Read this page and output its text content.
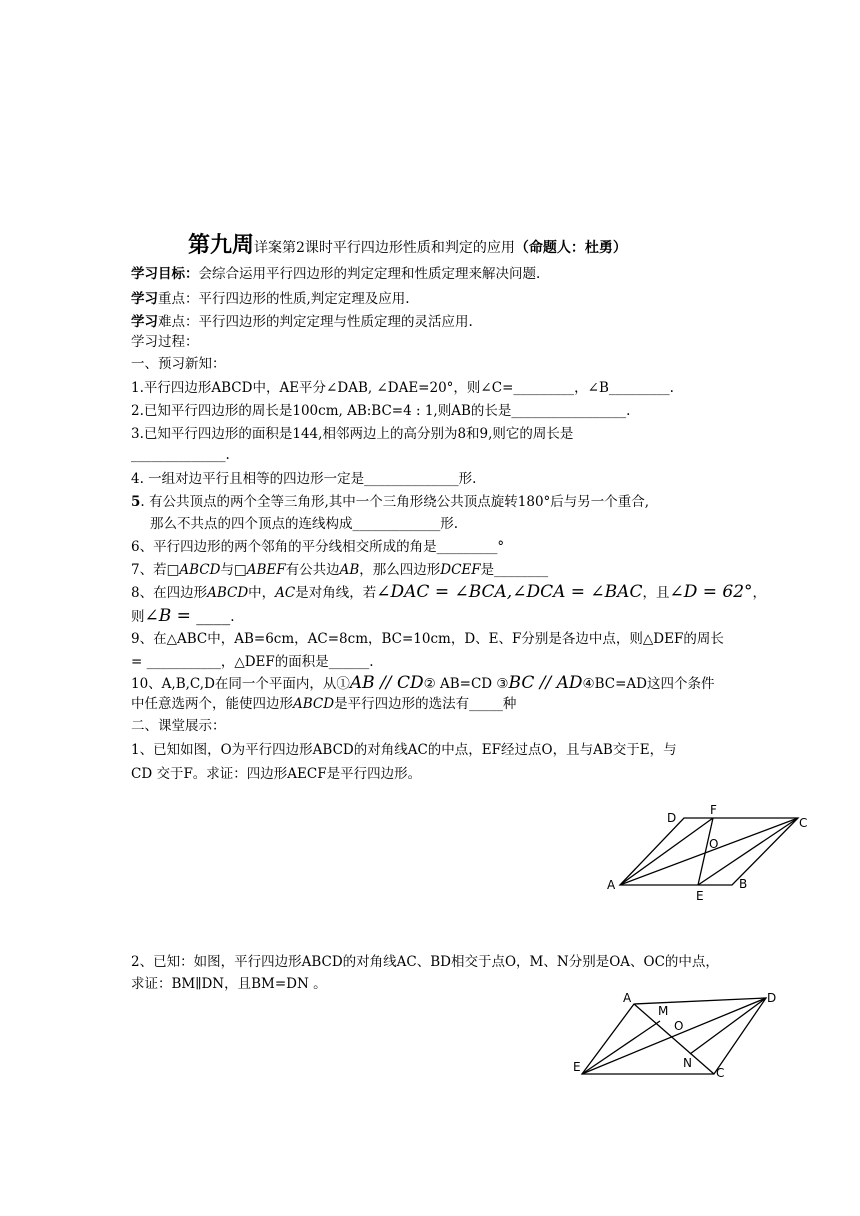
第九周详案第2课时平行四边形性质和判定的应用（命题人：杜勇）
学习目标：会综合运用平行四边形的判定定理和性质定理来解决问题.
学习重点：平行四边形的性质,判定定理及应用.
学习难点：平行四边形的判定定理与性质定理的灵活应用.
学习过程：
一、预习新知：
1.平行四边形ABCD中，AE平分∠DAB, ∠DAE=20°，则∠C=_________，∠B_________.
2.已知平行四边形的周长是100cm, AB:BC=4 : 1,则AB的长是_________________.
3.已知平行四边形的面积是144,相邻两边上的高分别为8和9,则它的周长是
______________.
4. 一组对边平行且相等的四边形一定是______________形.
5. 有公共顶点的两个全等三角形,其中一个三角形绕公共顶点旋转180°后与另一个重合,
那么不共点的四个顶点的连线构成_____________形.
6、平行四边形的两个邻角的平分线相交所成的角是_________°
7、若□ABCD与□ABEF有公共边AB，那么四边形DCEF是________
8、在四边形ABCD中，AC是对角线，若∠DAC = ∠BCA,∠DCA = ∠BAC，且∠D = 62°，
则∠B = ____.
9、在△ABC中，AB=6cm，AC=8cm，BC=10cm，D、E、F分别是各边中点，则△DEF的周长
= ___________，△DEF的面积是______.
10、A,B,C,D在同一个平面内，从①AB // CD② AB=CD ③BC // AD④BC=AD这四个条件
中任意选两个，能使四边形ABCD是平行四边形的选法有_____种
二、课堂展示：
1、已知如图，O为平行四边形ABCD的对角线AC的中点，EF经过点O，且与AB交于E，与
CD 交于F。求证：四边形AECF是平行四边形。
D
F
C
O
A
E
B
2、已知：如图，平行四边形ABCD的对角线AC、BD相交于点O，M、N分别是OA、OC的中点，
求证：BM∥DN，且BM=DN 。
A
M
D
O
E	N
C
